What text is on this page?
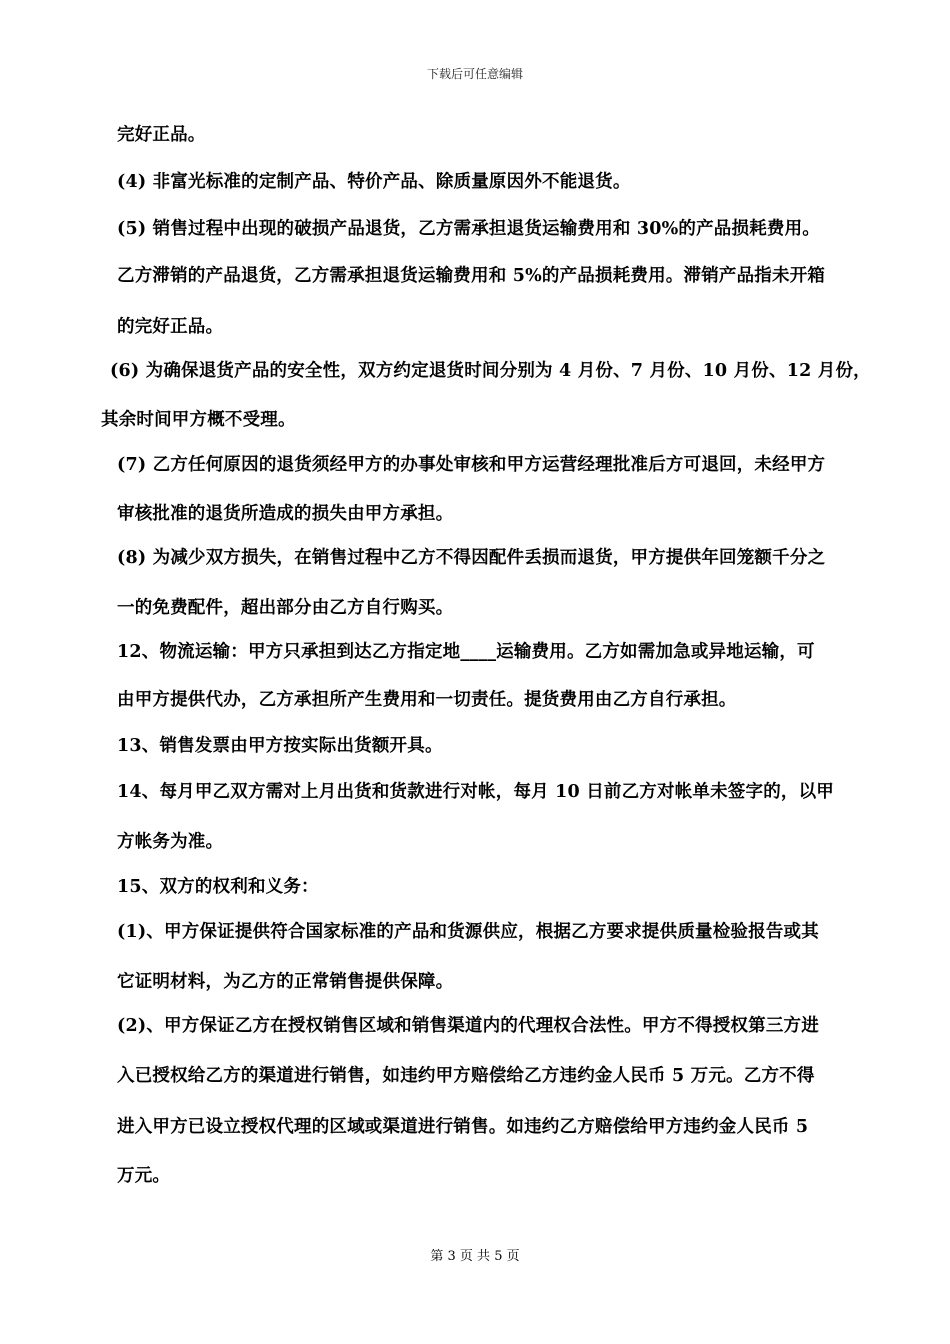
下载后可任意编辑
完好正品。
(4) 非富光标准的定制产品、特价产品、除质量原因外不能退货。
(5) 销售过程中出现的破损产品退货，乙方需承担退货运输费用和 30%的产品损耗费用。
乙方滞销的产品退货，乙方需承担退货运输费用和 5%的产品损耗费用。滞销产品指未开箱
的完好正品。
(6) 为确保退货产品的安全性，双方约定退货时间分别为 4 月份、7 月份、10 月份、12 月份，
其余时间甲方概不受理。
(7) 乙方任何原因的退货须经甲方的办事处审核和甲方运营经理批准后方可退回，未经甲方
审核批准的退货所造成的损失由甲方承担。
(8) 为减少双方损失，在销售过程中乙方不得因配件丢损而退货，甲方提供年回笼额千分之
一的免费配件，超出部分由乙方自行购买。
12、物流运输：甲方只承担到达乙方指定地____运输费用。乙方如需加急或异地运输，可
由甲方提供代办，乙方承担所产生费用和一切责任。提货费用由乙方自行承担。
13、销售发票由甲方按实际出货额开具。
14、每月甲乙双方需对上月出货和货款进行对帐，每月 10 日前乙方对帐单未签字的，以甲
方帐务为准。
15、双方的权利和义务：
(1)、甲方保证提供符合国家标准的产品和货源供应，根据乙方要求提供质量检验报告或其
它证明材料，为乙方的正常销售提供保障。
(2)、甲方保证乙方在授权销售区域和销售渠道内的代理权合法性。甲方不得授权第三方进
入已授权给乙方的渠道进行销售，如违约甲方赔偿给乙方违约金人民币 5 万元。乙方不得
进入甲方已设立授权代理的区域或渠道进行销售。如违约乙方赔偿给甲方违约金人民币 5
万元。
第 3 页 共 5 页
